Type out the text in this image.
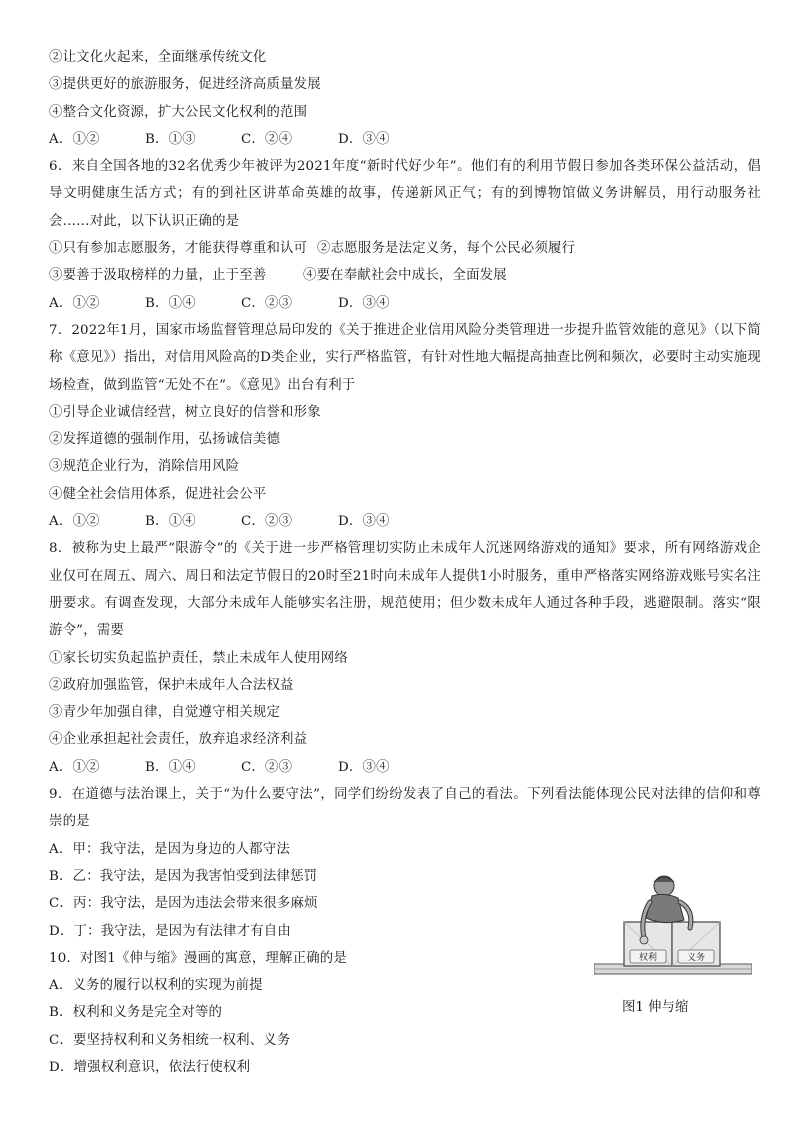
②让文化火起来，全面继承传统文化
③提供更好的旅游服务，促进经济高质量发展
④整合文化资源，扩大公民文化权利的范围
A．①②	B．①③	C．②④	D．③④
6．来自全国各地的32名优秀少年被评为2021年度“新时代好少年”。他们有的利用节假日参加各类环保公益活动，倡导文明健康生活方式；有的到社区讲革命英雄的故事，传递新风正气；有的到博物馆做义务讲解员，用行动服务社会……对此，以下认识正确的是
①只有参加志愿服务，才能获得尊重和认可 ②志愿服务是法定义务，每个公民必须履行
③要善于汲取榜样的力量，止于至善	④要在奉献社会中成长，全面发展
A．①②	B．①④	C．②③	D．③④
7．2022年1月，国家市场监督管理总局印发的《关于推进企业信用风险分类管理进一步提升监管效能的意见》（以下简称《意见》）指出，对信用风险高的D类企业，实行严格监管，有针对性地大幅提高抽查比例和频次，必要时主动实施现场检查，做到监管“无处不在”。《意见》出台有利于
①引导企业诚信经营，树立良好的信誉和形象
②发挥道德的强制作用，弘扬诚信美德
③规范企业行为，消除信用风险
④健全社会信用体系，促进社会公平
A．①②	B．①④	C．②③	D．③④
8．被称为史上最严“限游令”的《关于进一步严格管理切实防止未成年人沉迷网络游戏的通知》要求，所有网络游戏企业仅可在周五、周六、周日和法定节假日的20时至21时向未成年人提供1小时服务，重申严格落实网络游戏账号实名注册要求。有调查发现，大部分未成年人能够实名注册，规范使用；但少数未成年人通过各种手段，逃避限制。落实“限游令”，需要
①家长切实负起监护责任，禁止未成年人使用网络
②政府加强监管，保护未成年人合法权益
③青少年加强自律，自觉遵守相关规定
④企业承担起社会责任，放弃追求经济利益
A．①②	B．①④	C．②③	D．③④
9．在道德与法治课上，关于“为什么要守法”，同学们纷纷发表了自己的看法。下列看法能体现公民对法律的信仰和尊崇的是
A．甲：我守法，是因为身边的人都守法
B．乙：我守法，是因为我害怕受到法律惩罚
C．丙：我守法，是因为违法会带来很多麻烦
D．丁：我守法，是因为有法律才有自由
10．对图1《伸与缩》漫画的寓意，理解正确的是
A．义务的履行以权利的实现为前提
B．权利和义务是完全对等的
C．要坚持权利和义务相统一权利、义务
D．增强权利意识，依法行使权利
权利	义务
图1 伸与缩
